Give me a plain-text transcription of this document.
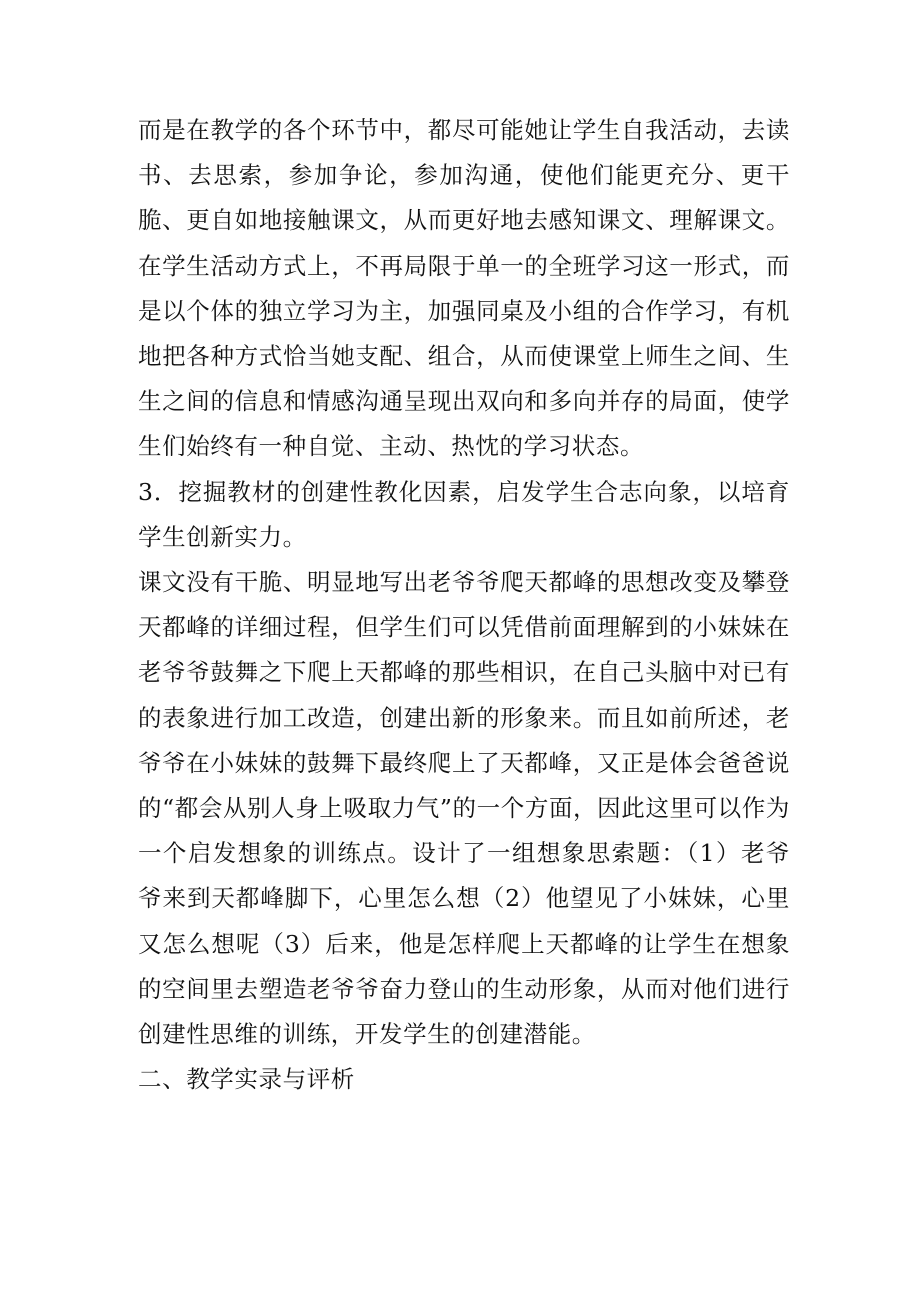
而是在教学的各个环节中，都尽可能她让学生自我活动，去读书、去思索，参加争论，参加沟通，使他们能更充分、更干脆、更自如地接触课文，从而更好地去感知课文、理解课文。在学生活动方式上，不再局限于单一的全班学习这一形式，而是以个体的独立学习为主，加强同桌及小组的合作学习，有机地把各种方式恰当她支配、组合，从而使课堂上师生之间、生生之间的信息和情感沟通呈现出双向和多向并存的局面，使学生们始终有一种自觉、主动、热忱的学习状态。

3．挖掘教材的创建性教化因素，启发学生合志向象，以培育学生创新实力。

课文没有干脆、明显地写出老爷爷爬天都峰的思想改变及攀登天都峰的详细过程，但学生们可以凭借前面理解到的小妹妹在老爷爷鼓舞之下爬上天都峰的那些相识，在自己头脑中对已有的表象进行加工改造，创建出新的形象来。而且如前所述，老爷爷在小妹妹的鼓舞下最终爬上了天都峰，又正是体会爸爸说的“都会从别人身上吸取力气”的一个方面，因此这里可以作为一个启发想象的训练点。设计了一组想象思索题：（1）老爷爷来到天都峰脚下，心里怎么想（2）他望见了小妹妹，心里又怎么想呢（3）后来，他是怎样爬上天都峰的让学生在想象的空间里去塑造老爷爷奋力登山的生动形象，从而对他们进行创建性思维的训练，开发学生的创建潜能。

二、教学实录与评析
